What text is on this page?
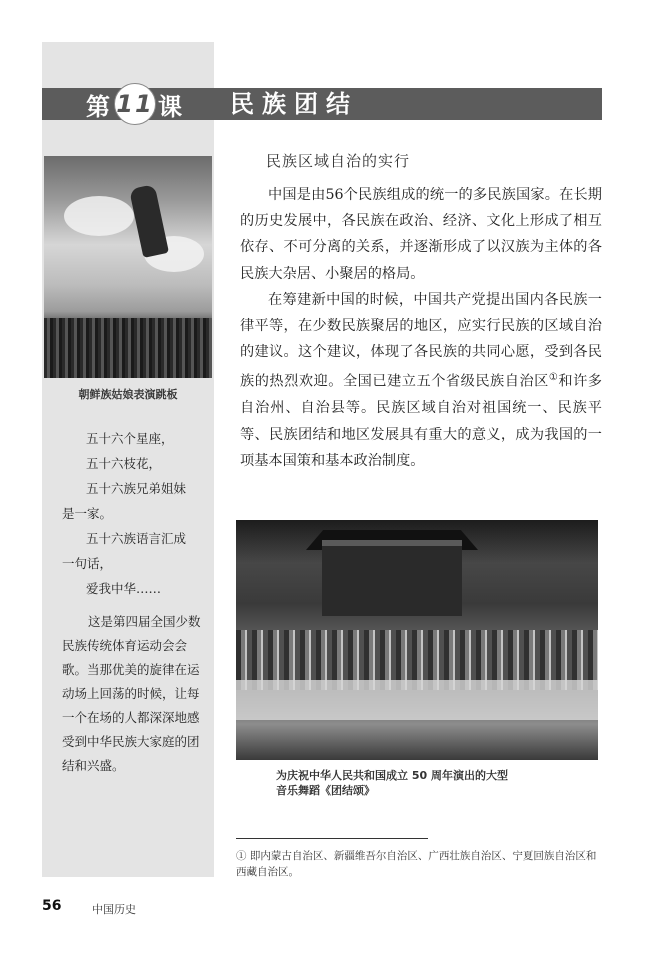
第 11 课 民族团结
朝鲜族姑娘表演跳板

五十六个星座，

五十六枝花，

五十六族兄弟姐妹

是一家。

五十六族语言汇成

一句话，

爱我中华……

这是第四届全国少数民族传统体育运动会会歌。当那优美的旋律在运动场上回荡的时候，让每一个在场的人都深深地感受到中华民族大家庭的团结和兴盛。

民族区域自治的实行

中国是由56个民族组成的统一的多民族国家。在长期的历史发展中，各民族在政治、经济、文化上形成了相互依存、不可分离的关系，并逐渐形成了以汉族为主体的各民族大杂居、小聚居的格局。

在筹建新中国的时候，中国共产党提出国内各民族一律平等，在少数民族聚居的地区，应实行民族的区域自治的建议。这个建议，体现了各民族的共同心愿，受到各民族的热烈欢迎。全国已建立五个省级民族自治区①和许多自治州、自治县等。民族区域自治对祖国统一、民族平等、民族团结和地区发展具有重大的意义，成为我国的一项基本国策和基本政治制度。

为庆祝中华人民共和国成立 50 周年演出的大型

音乐舞蹈《团结颂》

① 即内蒙古自治区、新疆维吾尔自治区、广西壮族自治区、宁夏回族自治区和西藏自治区。

56	中国历史
